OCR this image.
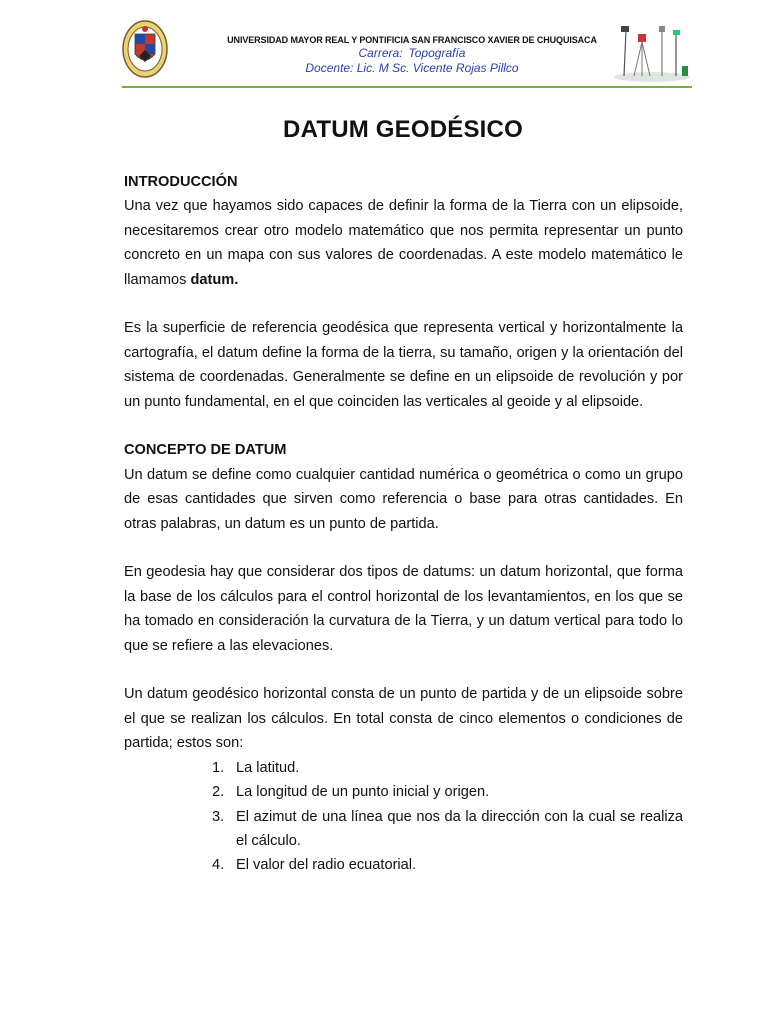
UNIVERSIDAD MAYOR REAL Y PONTIFICIA SAN FRANCISCO XAVIER DE CHUQUISACA
Carrera: Topografía
Docente: Lic. M Sc. Vicente Rojas Pillco
DATUM GEODÉSICO
INTRODUCCIÓN

Una vez que hayamos sido capaces de definir la forma de la Tierra con un elipsoide, necesitaremos crear otro modelo matemático que nos permita representar un punto concreto en un mapa con sus valores de coordenadas. A este modelo matemático le llamamos datum.

Es la superficie de referencia geodésica que representa vertical y horizontalmente la cartografía, el datum define la forma de la tierra, su tamaño, origen y la orientación del sistema de coordenadas. Generalmente se define en un elipsoide de revolución y por un punto fundamental, en el que coinciden las verticales al geoide y al elipsoide.

CONCEPTO DE DATUM

Un datum se define como cualquier cantidad numérica o geométrica o como un grupo de esas cantidades que sirven como referencia o base para otras cantidades. En otras palabras, un datum es un punto de partida.

En geodesia hay que considerar dos tipos de datums: un datum horizontal, que forma la base de los cálculos para el control horizontal de los levantamientos, en los que se ha tomado en consideración la curvatura de la Tierra, y un datum vertical para todo lo que se refiere a las elevaciones.

Un datum geodésico horizontal consta de un punto de partida y de un elipsoide sobre el que se realizan los cálculos. En total consta de cinco elementos o condiciones de partida; estos son:

1. La latitud.
2. La longitud de un punto inicial y origen.
3. El azimut de una línea que nos da la dirección con la cual se realiza el cálculo.
4. El valor del radio ecuatorial.
